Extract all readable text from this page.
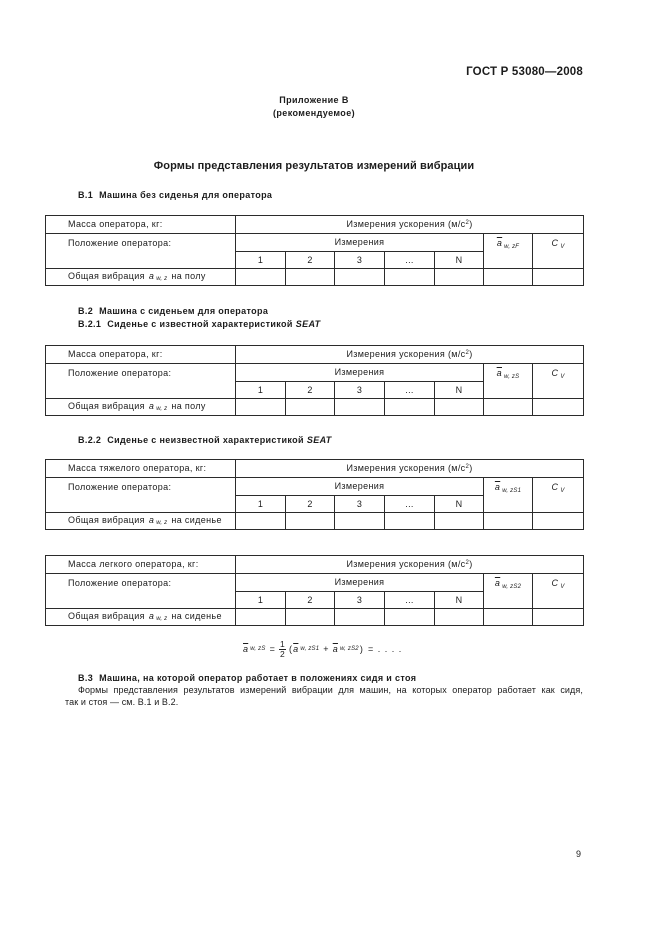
ГОСТ Р 53080—2008
Приложение В
(рекомендуемое)
Формы представления результатов измерений вибрации
В.1 Машина без сиденья для оператора
Масса оператора, кг:	Измерения ускорения $(м/с^2)$						
Положение оператора:	Измерения					$\overline{a}$ $_{w, zF}$	C $_V$
	1	2	3	...	N		
Общая вибрация a $_{w, z}$ на полу							
В.2 Машина с сиденьем для оператора
В.2.1 Сиденье с известной характеристикой SEAT
Масса оператора, кг:	Измерения ускорения $(м/с^2)$						
Положение оператора:	Измерения					$\overline{a}$ $_{w, zS}$	C $_V$
	1	2	3	...	N		
Общая вибрация a $_{w, z}$ на полу							
В.2.2 Сиденье с неизвестной характеристикой SEAT
Масса тяжелого оператора, кг:	Измерения ускорения $(м/с^2)$						
Положение оператора:	Измерения					$\overline{a}$ $_{w, zS1}$	C $_V$
	1	2	3	...	N		
Общая вибрация a $_{w, z}$ на сиденье							
Масса легкого оператора, кг:	Измерения ускорения $(м/с^2)$						
Положение оператора:	Измерения					$\overline{a}$ $_{w, zS2}$	C $_V$
	1	2	3	...	N		
Общая вибрация a $_{w, z}$ на сиденье							
$\overline{a}$ w, zS = $\frac{1}{2}$ ( $\overline{a}$ w, $zS1 + \overline{a}$ w, zS2 ) = . . . .
В.3 Машина, на которой оператор работает в положениях сидя и стоя
Формы представления результатов измерений вибрации для машин, на которых оператор работает как сидя,
так и стоя — см. В.1 и В.2.
9
